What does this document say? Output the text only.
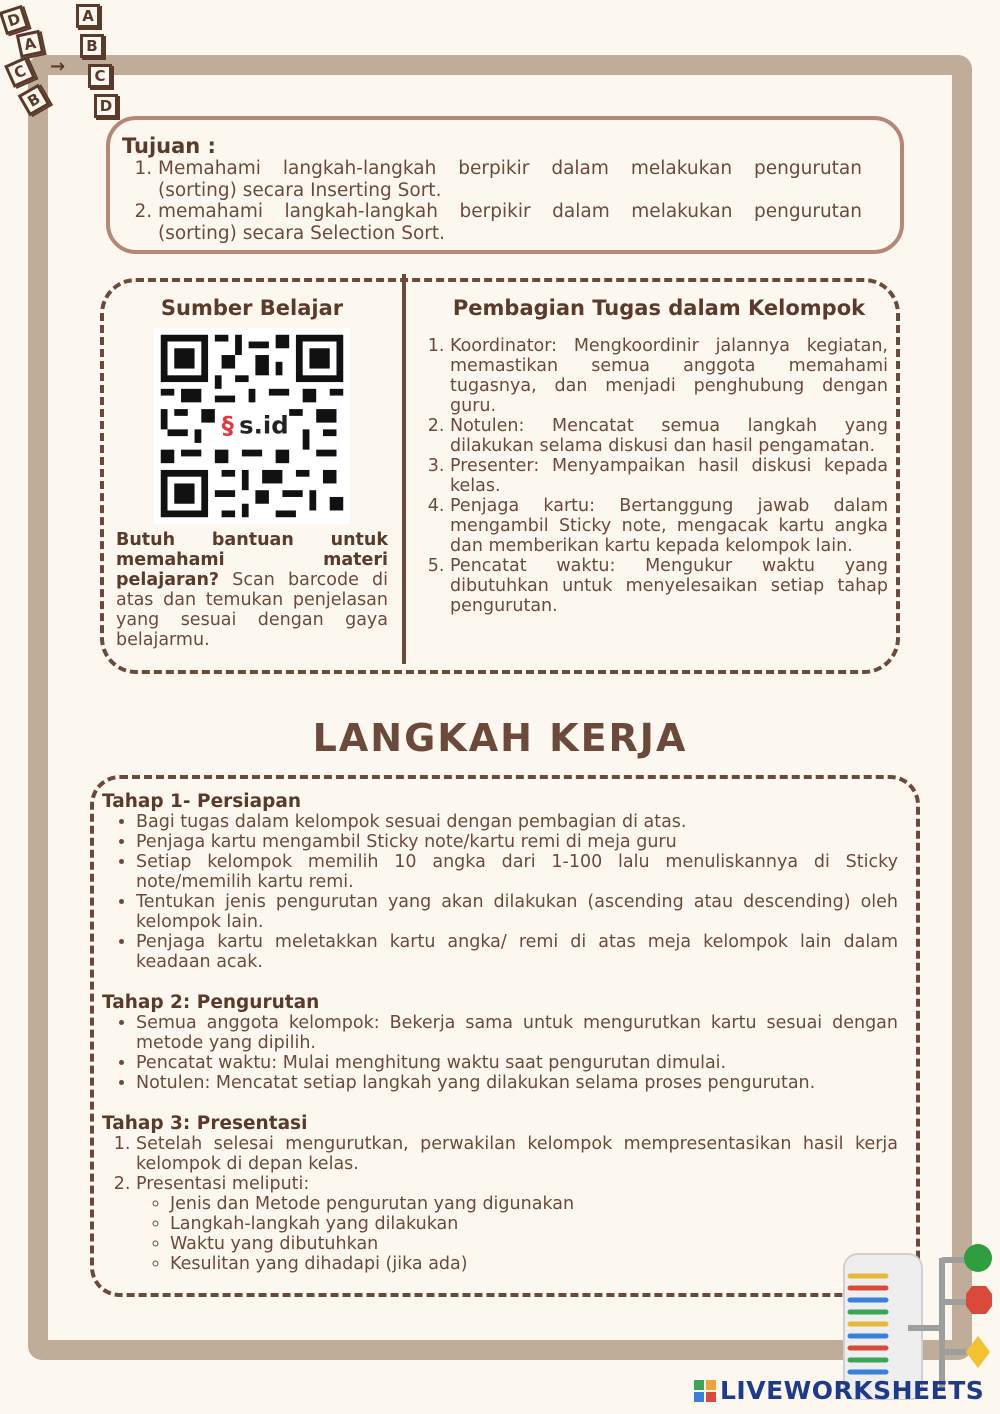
D
A
C
B
→
A
B
C
D
Tujuan :
1. Memahami langkah-langkah berpikir dalam melakukan pengurutan (sorting) secara Inserting Sort.
2. memahami langkah-langkah berpikir dalam melakukan pengurutan (sorting) secara Selection Sort.
Sumber Belajar
§ s.id

Butuh bantuan untuk memahami materi pelajaran? Scan barcode di atas dan temukan penjelasan yang sesuai dengan gaya belajarmu.

Pembagian Tugas dalam Kelompok
1. Koordinator: Mengkoordinir jalannya kegiatan, memastikan semua anggota memahami tugasnya, dan menjadi penghubung dengan guru.
2. Notulen: Mencatat semua langkah yang dilakukan selama diskusi dan hasil pengamatan.
3. Presenter: Menyampaikan hasil diskusi kepada kelas.
4. Penjaga kartu: Bertanggung jawab dalam mengambil Sticky note, mengacak kartu angka dan memberikan kartu kepada kelompok lain.
5. Pencatat waktu: Mengukur waktu yang dibutuhkan untuk menyelesaikan setiap tahap pengurutan.
LANGKAH KERJA
Tahap 1- Persiapan
• Bagi tugas dalam kelompok sesuai dengan pembagian di atas.
• Penjaga kartu mengambil Sticky note/kartu remi di meja guru
• Setiap kelompok memilih 10 angka dari 1-100 lalu menuliskannya di Sticky note/memilih kartu remi.
• Tentukan jenis pengurutan yang akan dilakukan (ascending atau descending) oleh kelompok lain.
• Penjaga kartu meletakkan kartu angka/ remi di atas meja kelompok lain dalam keadaan acak.
Tahap 2: Pengurutan
• Semua anggota kelompok: Bekerja sama untuk mengurutkan kartu sesuai dengan metode yang dipilih.
• Pencatat waktu: Mulai menghitung waktu saat pengurutan dimulai.
• Notulen: Mencatat setiap langkah yang dilakukan selama proses pengurutan.
Tahap 3: Presentasi
1. Setelah selesai mengurutkan, perwakilan kelompok mempresentasikan hasil kerja kelompok di depan kelas.
2. Presentasi meliputi:
◦ Jenis dan Metode pengurutan yang digunakan
◦ Langkah-langkah yang dilakukan
◦ Waktu yang dibutuhkan
◦ Kesulitan yang dihadapi (jika ada)
LIVEWORKSHEETS
